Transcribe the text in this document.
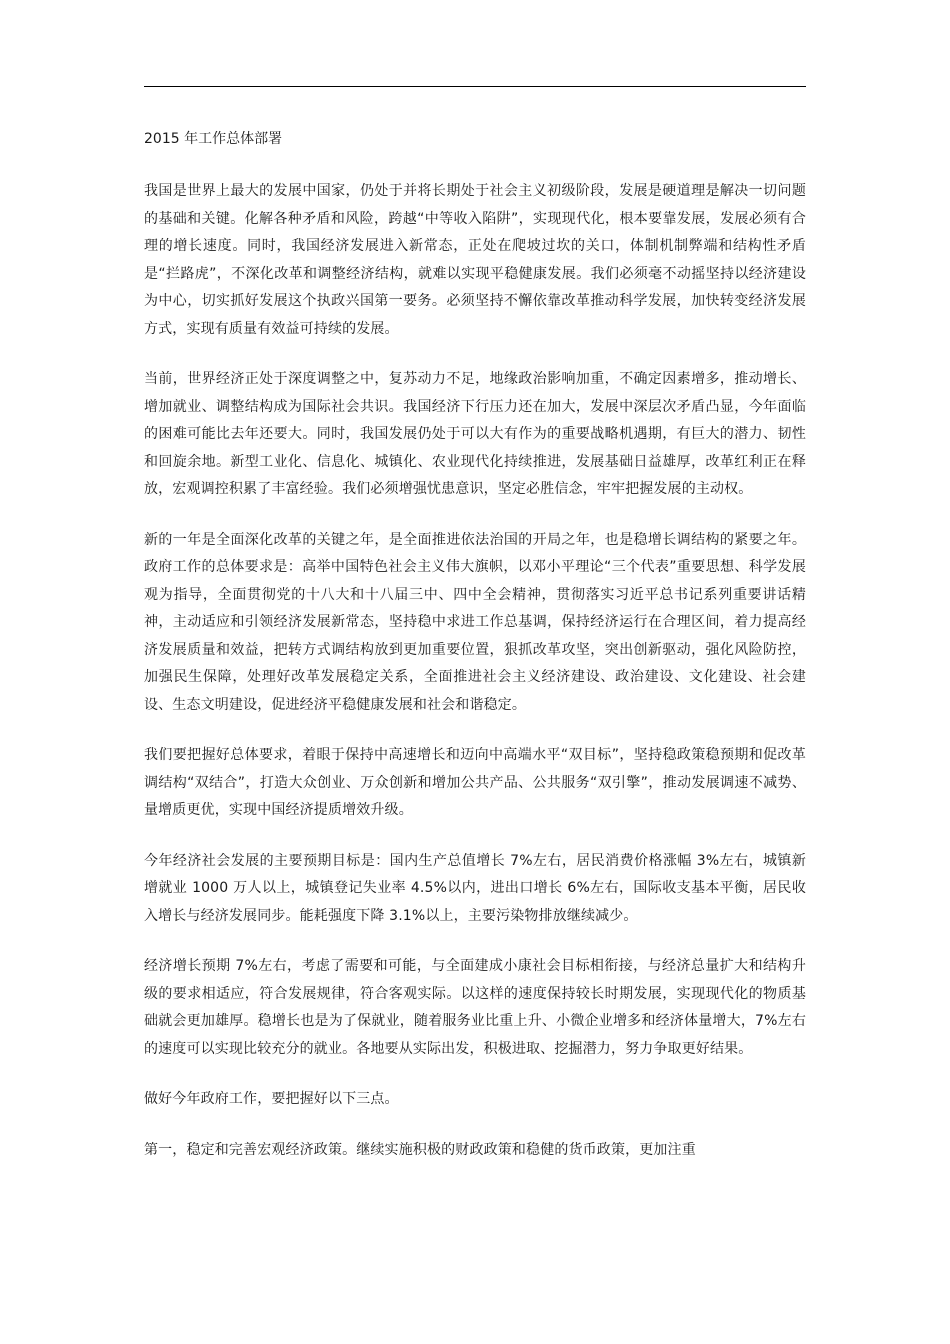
2015 年工作总体部署

我国是世界上最大的发展中国家，仍处于并将长期处于社会主义初级阶段，发展是硬道理是解决一切问题的基础和关键。化解各种矛盾和风险，跨越“中等收入陷阱”，实现现代化，根本要靠发展，发展必须有合理的增长速度。同时，我国经济发展进入新常态，正处在爬坡过坎的关口，体制机制弊端和结构性矛盾是“拦路虎”，不深化改革和调整经济结构，就难以实现平稳健康发展。我们必须毫不动摇坚持以经济建设为中心，切实抓好发展这个执政兴国第一要务。必须坚持不懈依靠改革推动科学发展，加快转变经济发展方式，实现有质量有效益可持续的发展。

当前，世界经济正处于深度调整之中，复苏动力不足，地缘政治影响加重，不确定因素增多，推动增长、增加就业、调整结构成为国际社会共识。我国经济下行压力还在加大，发展中深层次矛盾凸显，今年面临的困难可能比去年还要大。同时，我国发展仍处于可以大有作为的重要战略机遇期，有巨大的潜力、韧性和回旋余地。新型工业化、信息化、城镇化、农业现代化持续推进，发展基础日益雄厚，改革红利正在释放，宏观调控积累了丰富经验。我们必须增强忧患意识，坚定必胜信念，牢牢把握发展的主动权。

新的一年是全面深化改革的关键之年，是全面推进依法治国的开局之年，也是稳增长调结构的紧要之年。政府工作的总体要求是：高举中国特色社会主义伟大旗帜，以邓小平理论“三个代表”重要思想、科学发展观为指导，全面贯彻党的十八大和十八届三中、四中全会精神，贯彻落实习近平总书记系列重要讲话精神，主动适应和引领经济发展新常态，坚持稳中求进工作总基调，保持经济运行在合理区间，着力提高经济发展质量和效益，把转方式调结构放到更加重要位置，狠抓改革攻坚，突出创新驱动，强化风险防控，加强民生保障，处理好改革发展稳定关系，全面推进社会主义经济建设、政治建设、文化建设、社会建设、生态文明建设，促进经济平稳健康发展和社会和谐稳定。

我们要把握好总体要求，着眼于保持中高速增长和迈向中高端水平“双目标”，坚持稳政策稳预期和促改革调结构“双结合”，打造大众创业、万众创新和增加公共产品、公共服务“双引擎”，推动发展调速不减势、量增质更优，实现中国经济提质增效升级。

今年经济社会发展的主要预期目标是：国内生产总值增长 7%左右，居民消费价格涨幅 3%左右，城镇新增就业 1000 万人以上，城镇登记失业率 4.5%以内，进出口增长 6%左右，国际收支基本平衡，居民收入增长与经济发展同步。能耗强度下降 3.1%以上，主要污染物排放继续减少。

经济增长预期 7%左右，考虑了需要和可能，与全面建成小康社会目标相衔接，与经济总量扩大和结构升级的要求相适应，符合发展规律，符合客观实际。以这样的速度保持较长时期发展，实现现代化的物质基础就会更加雄厚。稳增长也是为了保就业，随着服务业比重上升、小微企业增多和经济体量增大，7%左右的速度可以实现比较充分的就业。各地要从实际出发，积极进取、挖掘潜力，努力争取更好结果。

做好今年政府工作，要把握好以下三点。

第一，稳定和完善宏观经济政策。继续实施积极的财政政策和稳健的货币政策，更加注重
